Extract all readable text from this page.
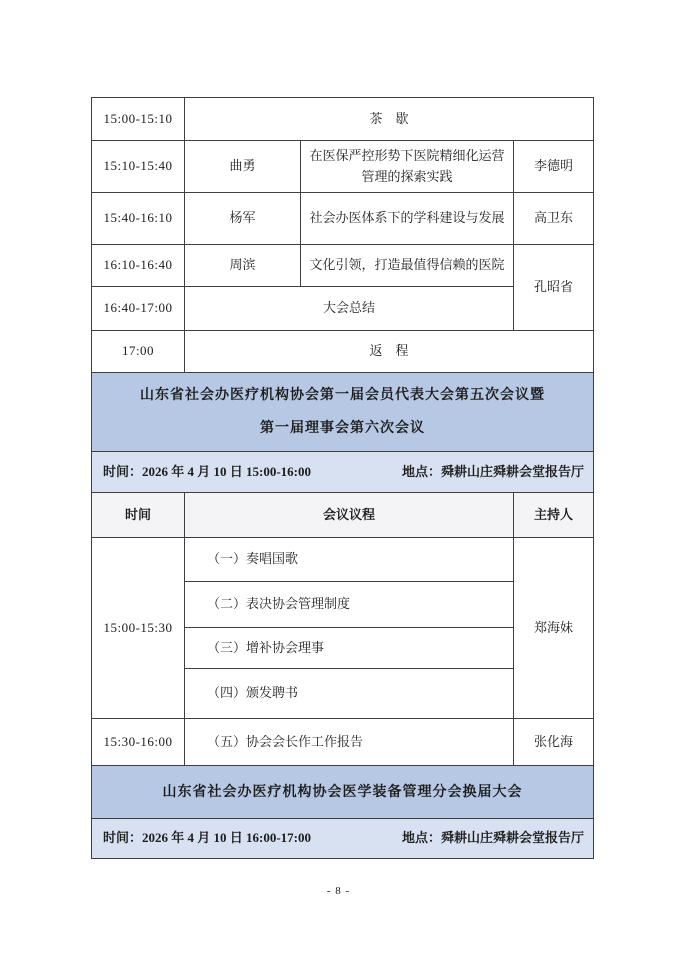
15:00-15:10	茶　歇		
15:10-15:40	曲勇	在医保严控形势下医院精细化运营管理的探索实践	李德明
15:40-16:10	杨军	社会办医体系下的学科建设与发展	高卫东
16:10-16:40	周滨	文化引领，打造最值得信赖的医院	孔昭省
16:40-17:00	大会总结		
17:00	返　程		

山东省社会办医疗机构协会第一届会员代表大会第五次会议暨
第一届理事会第六次会议			

时间：2026 年 4 月 10 日 15:00-16:00 地点：舜耕山庄舜耕会堂报告厅			

时间	会议议程		主持人
15:00-15:30	（一）奏唱国歌		郑海妹
	（二）表决协会管理制度		
	（三）增补协会理事		
	（四）颁发聘书		
15:30-16:00	（五）协会会长作工作报告		张化海

山东省社会办医疗机构协会医学装备管理分会换届大会			

时间：2026 年 4 月 10 日 16:00-17:00 地点：舜耕山庄舜耕会堂报告厅			
- 8 -
